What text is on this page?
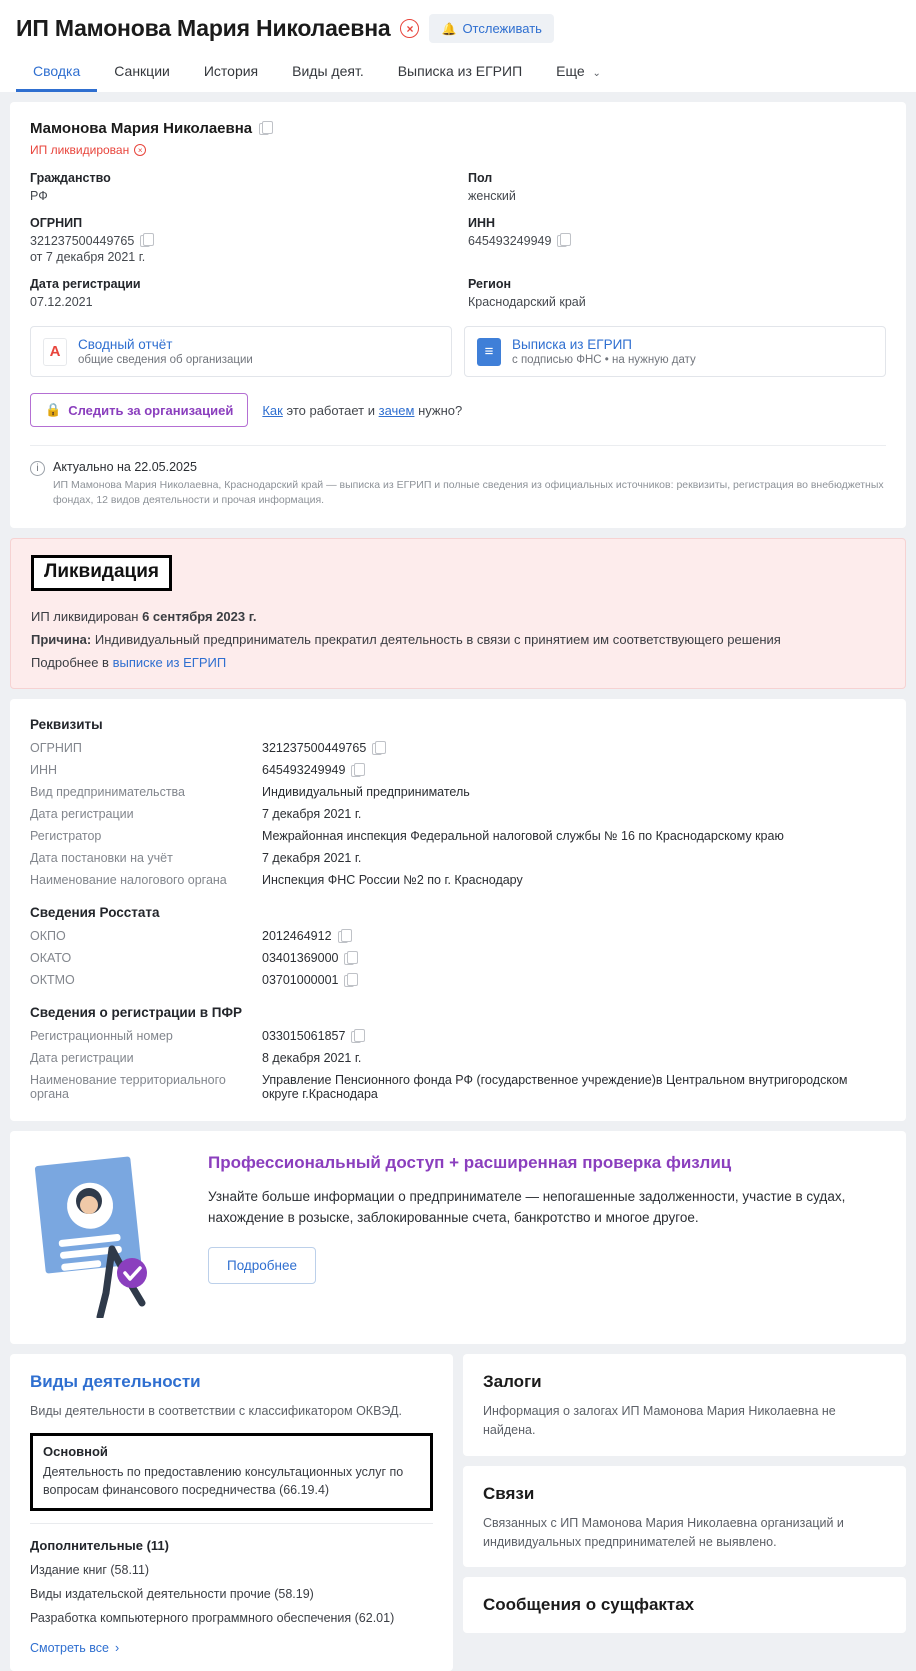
ИП Мамонова Мария Николаевна	×	🔔 Отслеживать
Сводка	Санкции	История	Виды деят.	Выписка из ЕГРИП	Еще ⌄
Мамонова Мария Николаевна
ИП ликвидирован	×
Гражданство
РФ
Пол
женский
ОГРНИП
321237500449765
от 7 декабря 2021 г.
ИНН
645493249949
Дата регистрации
07.12.2021
Регион
Краснодарский край
A
Сводный отчёт
общие сведения об организации
≡
Выписка из ЕГРИП
с подписью ФНС • на нужную дату
🔒 Следить за организацией Как это работает и зачем нужно?
i	Актуально на 22.05.2025
ИП Мамонова Мария Николаевна, Краснодарский край — выписка из ЕГРИП и полные сведения из официальных источников: реквизиты, регистрация во внебюджетных фондах, 12 видов деятельности и прочая информация.
Ликвидация
ИП ликвидирован 6 сентября 2023 г.
Причина: Индивидуальный предприниматель прекратил деятельность в связи с принятием им соответствующего решения
Подробнее в выписке из ЕГРИП
Реквизиты
ОГРНИП	321237500449765
ИНН	645493249949
Вид предпринимательства	Индивидуальный предприниматель
Дата регистрации	7 декабря 2021 г.
Регистратор	Межрайонная инспекция Федеральной налоговой службы № 16 по Краснодарскому краю
Дата постановки на учёт	7 декабря 2021 г.
Наименование налогового органа	Инспекция ФНС России №2 по г. Краснодару
Сведения Росстата
ОКПО	2012464912
ОКАТО	03401369000
ОКТМО	03701000001
Сведения о регистрации в ПФР
Регистрационный номер	033015061857
Дата регистрации	8 декабря 2021 г.
Наименование территориального органа
Управление Пенсионного фонда РФ (государственное учреждение)в Центральном внутригородском округе г.Краснодара
Профессиональный доступ + расширенная проверка физлиц

Узнайте больше информации о предпринимателе — непогашенные задолженности, участие в судах, нахождение в розыске, заблокированные счета, банкротство и многое другое.

Подробнее
Виды деятельности
Виды деятельности в соответствии с классификатором ОКВЭД.
Основной
Деятельность по предоставлению консультационных услуг по вопросам финансового посредничества (66.19.4)
Дополнительные (11)
Издание книг (58.11)
Виды издательской деятельности прочие (58.19)
Разработка компьютерного программного обеспечения (62.01)
Смотреть все ›
Залоги
Информация о залогах ИП Мамонова Мария Николаевна не найдена.
Связи
Связанных с ИП Мамонова Мария Николаевна организаций и индивидуальных предпринимателей не выявлено.
Сообщения о сущфактах
